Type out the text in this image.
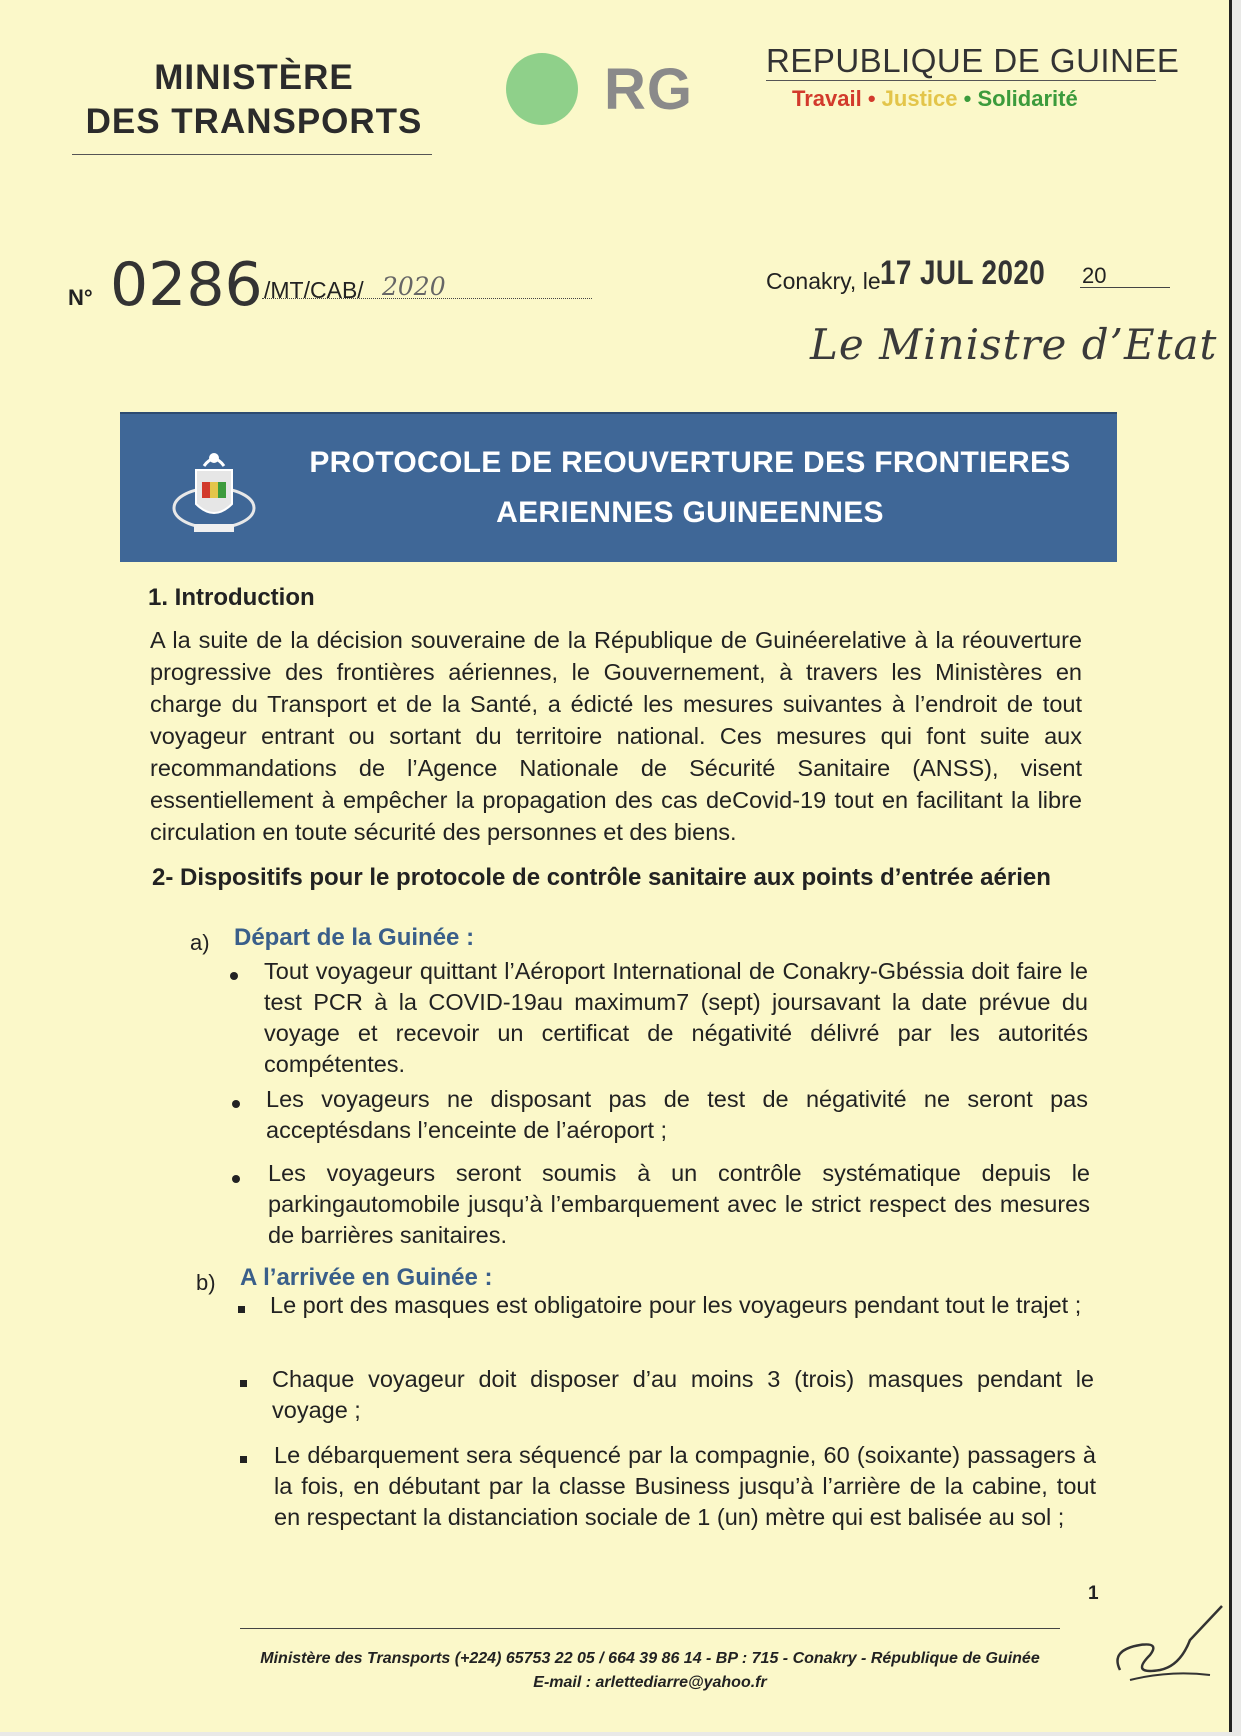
MINISTÈRE
DES TRANSPORTS	RG REPUBLIQUE DE GUINEE
Travail • Justice • Solidarité
N° 0286 /MT/CAB/ 2020	Conakry, le 17 JUL 2020 20
Le Ministre d’Etat
PROTOCOLE DE REOUVERTURE DES FRONTIERES
AERIENNES GUINEENNES
1. Introduction
A la suite de la décision souveraine de la République de Guinéerelative à la réouverture progressive des frontières aériennes, le Gouvernement, à travers les Ministères en charge du Transport et de la Santé, a édicté les mesures suivantes à l’endroit de tout voyageur entrant ou sortant du territoire national. Ces mesures qui font suite aux recommandations de l’Agence Nationale de Sécurité Sanitaire (ANSS), visent essentiellement à empêcher la propagation des cas deCovid-19 tout en facilitant la libre circulation en toute sécurité des personnes et des biens.
2- Dispositifs pour le protocole de contrôle sanitaire aux points d’entrée aérien
a) Départ de la Guinée :
Tout voyageur quittant l’Aéroport International de Conakry-Gbéssia doit faire le test PCR à la COVID-19au maximum7 (sept) joursavant la date prévue du voyage et recevoir un certificat de négativité délivré par les autorités compétentes.
Les voyageurs ne disposant pas de test de négativité ne seront pas acceptésdans l’enceinte de l’aéroport ;
Les voyageurs seront soumis à un contrôle systématique depuis le parkingautomobile jusqu’à l’embarquement avec le strict respect des mesures de barrières sanitaires.
b) A l’arrivée en Guinée :
Le port des masques est obligatoire pour les voyageurs pendant tout le trajet ;
Chaque voyageur doit disposer d’au moins 3 (trois) masques pendant le voyage ;
Le débarquement sera séquencé par la compagnie, 60 (soixante) passagers à la fois, en débutant par la classe Business jusqu’à l’arrière de la cabine, tout en respectant la distanciation sociale de 1 (un) mètre qui est balisée au sol ;
1
Ministère des Transports (+224) 65753 22 05 / 664 39 86 14 - BP : 715 - Conakry - République de Guinée
E-mail : arlettediarre@yahoo.fr
